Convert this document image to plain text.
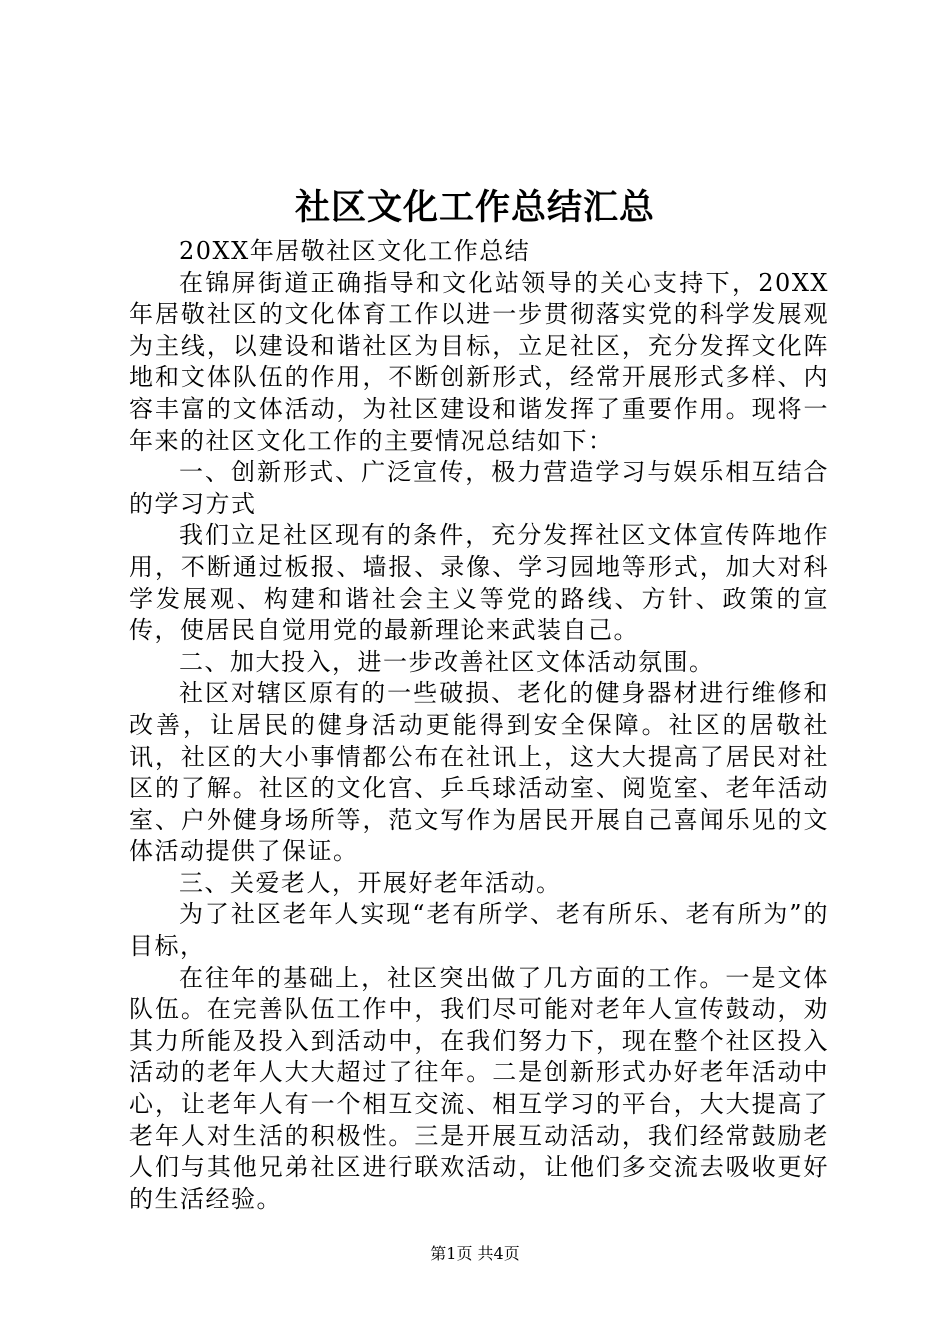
社区文化工作总结汇总

20XX年居敬社区文化工作总结

在锦屏街道正确指导和文化站领导的关心支持下，20XX年居敬社区的文化体育工作以进一步贯彻落实党的科学发展观为主线，以建设和谐社区为目标，立足社区，充分发挥文化阵地和文体队伍的作用，不断创新形式，经常开展形式多样、内容丰富的文体活动，为社区建设和谐发挥了重要作用。现将一年来的社区文化工作的主要情况总结如下：

一、创新形式、广泛宣传，极力营造学习与娱乐相互结合的学习方式

我们立足社区现有的条件，充分发挥社区文体宣传阵地作用，不断通过板报、墙报、录像、学习园地等形式，加大对科学发展观、构建和谐社会主义等党的路线、方针、政策的宣传，使居民自觉用党的最新理论来武装自己。

二、加大投入，进一步改善社区文体活动氛围。

社区对辖区原有的一些破损、老化的健身器材进行维修和改善，让居民的健身活动更能得到安全保障。社区的居敬社讯，社区的大小事情都公布在社讯上，这大大提高了居民对社区的了解。社区的文化宫、乒乓球活动室、阅览室、老年活动室、户外健身场所等，范文写作为居民开展自己喜闻乐见的文体活动提供了保证。

三、关爱老人，开展好老年活动。

为了社区老年人实现“老有所学、老有所乐、老有所为”的目标，

在往年的基础上，社区突出做了几方面的工作。一是文体队伍。在完善队伍工作中，我们尽可能对老年人宣传鼓动，劝其力所能及投入到活动中，在我们努力下，现在整个社区投入活动的老年人大大超过了往年。二是创新形式办好老年活动中心，让老年人有一个相互交流、相互学习的平台，大大提高了老年人对生活的积极性。三是开展互动活动，我们经常鼓励老人们与其他兄弟社区进行联欢活动，让他们多交流去吸收更好的生活经验。

第1页 共4页
